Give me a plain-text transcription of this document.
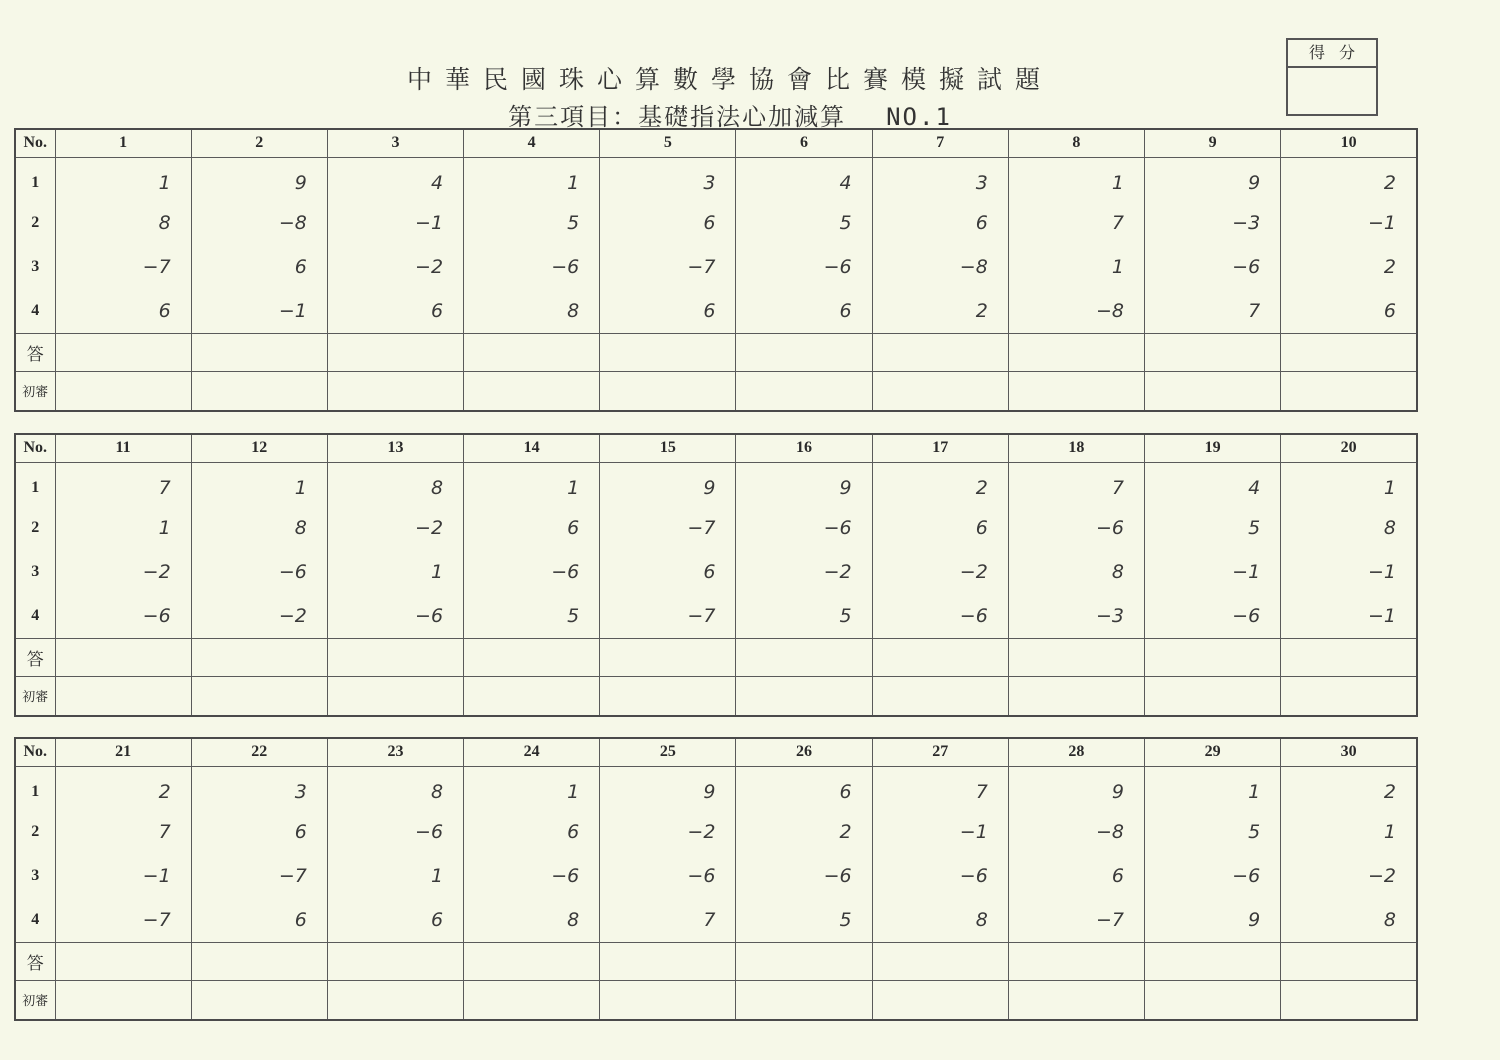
中華民國珠心算數學協會比賽模擬試題
第三項目：基礎指法心加減算 NO.1
得分
No.	1	2	3	4	5	6	7	8	9	10
1	1	9	4	1	3	4	3	1	9	2
2	8	−8	−1	5	6	5	6	7	−3	−1
3	−7	6	−2	−6	−7	−6	−8	1	−6	2
4	6	−1	6	8	6	6	2	−8	7	6
答										
初審										
No.	11	12	13	14	15	16	17	18	19	20
1	7	1	8	1	9	9	2	7	4	1
2	1	8	−2	6	−7	−6	6	−6	5	8
3	−2	−6	1	−6	6	−2	−2	8	−1	−1
4	−6	−2	−6	5	−7	5	−6	−3	−6	−1
答										
初審										
No.	21	22	23	24	25	26	27	28	29	30
1	2	3	8	1	9	6	7	9	1	2
2	7	6	−6	6	−2	2	−1	−8	5	1
3	−1	−7	1	−6	−6	−6	−6	6	−6	−2
4	−7	6	6	8	7	5	8	−7	9	8
答										
初審										
